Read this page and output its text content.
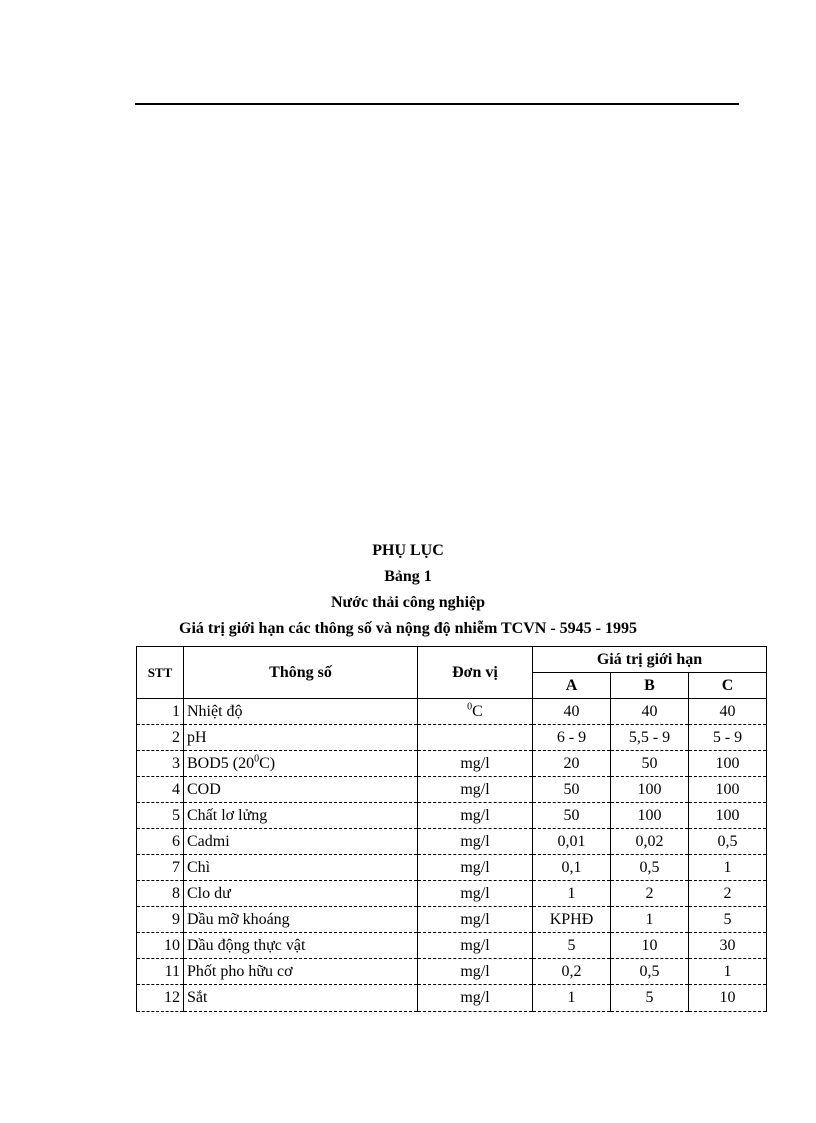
PHỤ LỤC
Bảng 1
Nước thải công nghiệp
Giá trị giới hạn các thông số và nộng độ nhiễm TCVN - 5945 - 1995
STT	Thông số	Đơn vị	Giá trị giới hạn		
			A	B	C
1	Nhiệt độ	$^0$C	40	40	40
2	pH		6 - 9	5,5 - 9	5 - 9
3	BOD5 $(20^0C)$	mg/l	20	50	100
4	COD	mg/l	50	100	100
5	Chất lơ lửng	mg/l	50	100	100
6	Cadmi	mg/l	0,01	0,02	0,5
7	Chì	mg/l	0,1	0,5	1
8	Clo dư	mg/l	1	2	2
9	Dầu mỡ khoáng	mg/l	KPHĐ	1	5
10	Dầu động thực vật	mg/l	5	10	30
11	Phốt pho hữu cơ	mg/l	0,2	0,5	1
12	Sắt	mg/l	1	5	10
